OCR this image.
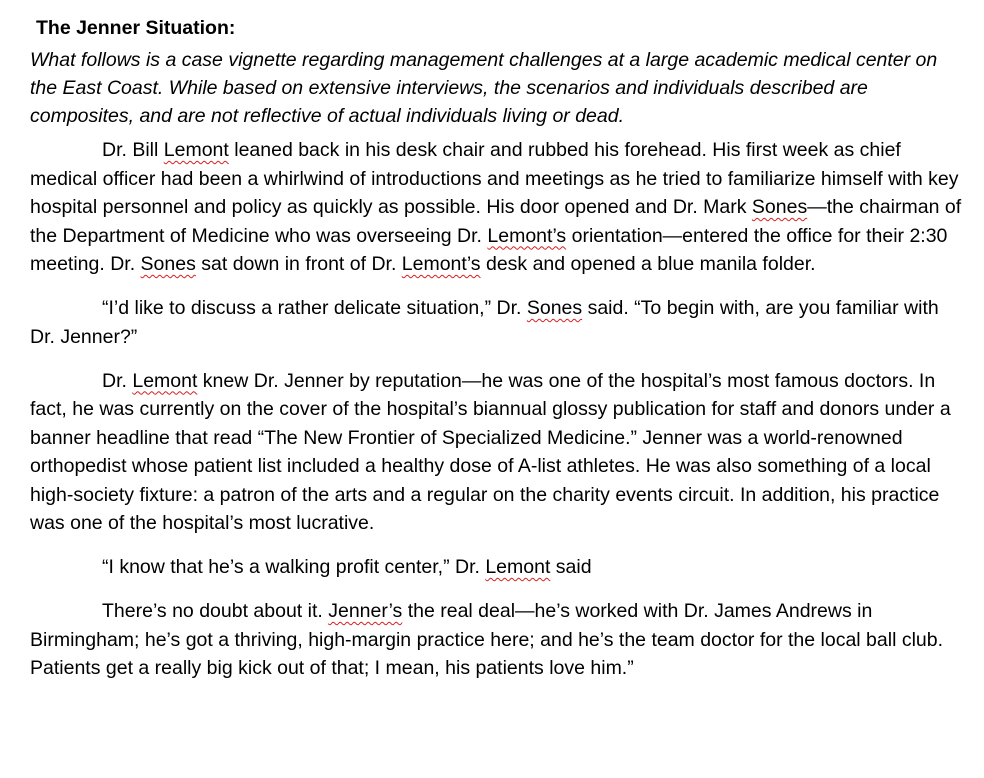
The Jenner Situation:

What follows is a case vignette regarding management challenges at a large academic medical center on the East Coast. While based on extensive interviews, the scenarios and individuals described are composites, and are not reflective of actual individuals living or dead.

Dr. Bill Lemont leaned back in his desk chair and rubbed his forehead. His first week as chief medical officer had been a whirlwind of introductions and meetings as he tried to familiarize himself with key hospital personnel and policy as quickly as possible. His door opened and Dr. Mark Sones—the chairman of the Department of Medicine who was overseeing Dr. Lemont’s orientation—entered the office for their 2:30 meeting. Dr. Sones sat down in front of Dr. Lemont’s desk and opened a blue manila folder.

“I’d like to discuss a rather delicate situation,” Dr. Sones said. “To begin with, are you familiar with Dr. Jenner?”

Dr. Lemont knew Dr. Jenner by reputation—he was one of the hospital’s most famous doctors. In fact, he was currently on the cover of the hospital’s biannual glossy publication for staff and donors under a banner headline that read “The New Frontier of Specialized Medicine.” Jenner was a world-renowned orthopedist whose patient list included a healthy dose of A-list athletes. He was also something of a local high-society fixture: a patron of the arts and a regular on the charity events circuit. In addition, his practice was one of the hospital’s most lucrative.

“I know that he’s a walking profit center,” Dr. Lemont said

There’s no doubt about it. Jenner’s the real deal—he’s worked with Dr. James Andrews in Birmingham; he’s got a thriving, high-margin practice here; and he’s the team doctor for the local ball club. Patients get a really big kick out of that; I mean, his patients love him.”
